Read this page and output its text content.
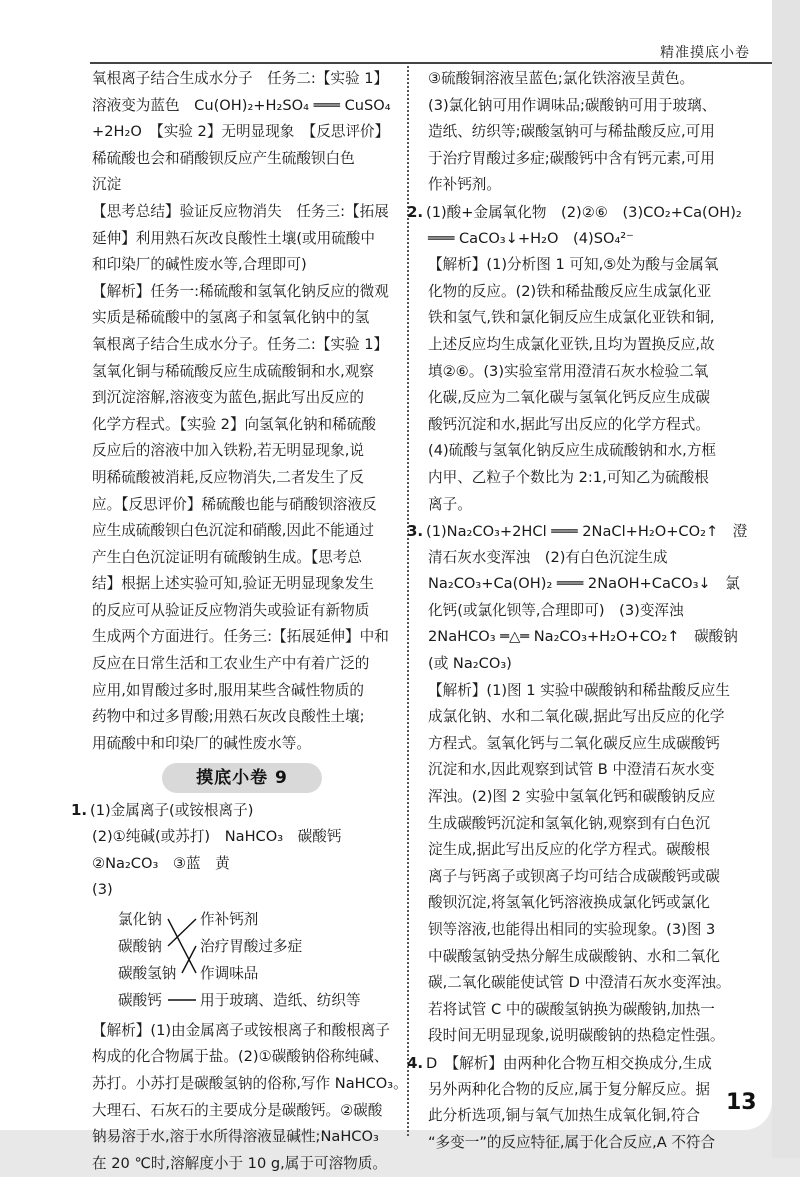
精准摸底小卷
氧根离子结合生成水分子　任务二:【实验 1】
溶液变为蓝色　Cu(OH)₂+H₂SO₄ ═══ CuSO₄
+2H₂O　【实验 2】无明显现象　【反思评价】
稀硫酸也会和硝酸钡反应产生硫酸钡白色
沉淀
【思考总结】验证反应物消失　任务三:【拓展
延伸】利用熟石灰改良酸性土壤(或用硫酸中
和印染厂的碱性废水等,合理即可)
【解析】任务一:稀硫酸和氢氧化钠反应的微观
实质是稀硫酸中的氢离子和氢氧化钠中的氢
氧根离子结合生成水分子。任务二:【实验 1】
氢氧化铜与稀硫酸反应生成硫酸铜和水,观察
到沉淀溶解,溶液变为蓝色,据此写出反应的
化学方程式。【实验 2】向氢氧化钠和稀硫酸
反应后的溶液中加入铁粉,若无明显现象,说
明稀硫酸被消耗,反应物消失,二者发生了反
应。【反思评价】稀硫酸也能与硝酸钡溶液反
应生成硫酸钡白色沉淀和硝酸,因此不能通过
产生白色沉淀证明有硫酸钠生成。【思考总
结】根据上述实验可知,验证无明显现象发生
的反应可从验证反应物消失或验证有新物质
生成两个方面进行。任务三:【拓展延伸】中和
反应在日常生活和工农业生产中有着广泛的
应用,如胃酸过多时,服用某些含碱性物质的
药物中和过多胃酸;用熟石灰改良酸性土壤;
用硫酸中和印染厂的碱性废水等。
摸底小卷 9
1. (1)金属离子(或铵根离子)
(2)①纯碱(或苏打)　NaHCO₃　碳酸钙
②Na₂CO₃　③蓝　黄
(3)
氯化钠
碳酸钠
碳酸氢钠
碳酸钙
作补钙剂
治疗胃酸过多症
作调味品
用于玻璃、造纸、纺织等
【解析】(1)由金属离子或铵根离子和酸根离子
构成的化合物属于盐。(2)①碳酸钠俗称纯碱、
苏打。小苏打是碳酸氢钠的俗称,写作 NaHCO₃。
大理石、石灰石的主要成分是碳酸钙。②碳酸
钠易溶于水,溶于水所得溶液显碱性;NaHCO₃
在 20 ℃时,溶解度小于 10 g,属于可溶物质。
③硫酸铜溶液呈蓝色;氯化铁溶液呈黄色。
(3)氯化钠可用作调味品;碳酸钠可用于玻璃、
造纸、纺织等;碳酸氢钠可与稀盐酸反应,可用
于治疗胃酸过多症;碳酸钙中含有钙元素,可用
作补钙剂。
2. (1)酸+金属氧化物　(2)②⑥　(3)CO₂+Ca(OH)₂
═══ CaCO₃↓+H₂O　(4)SO₄²⁻
【解析】(1)分析图 1 可知,⑤处为酸与金属氧
化物的反应。(2)铁和稀盐酸反应生成氯化亚
铁和氢气,铁和氯化铜反应生成氯化亚铁和铜,
上述反应均生成氯化亚铁,且均为置换反应,故
填②⑥。(3)实验室常用澄清石灰水检验二氧
化碳,反应为二氧化碳与氢氧化钙反应生成碳
酸钙沉淀和水,据此写出反应的化学方程式。
(4)硫酸与氢氧化钠反应生成硫酸钠和水,方框
内甲、乙粒子个数比为 2:1,可知乙为硫酸根
离子。
3. (1)Na₂CO₃+2HCl ═══ 2NaCl+H₂O+CO₂↑　澄
清石灰水变浑浊　(2)有白色沉淀生成
Na₂CO₃+Ca(OH)₂ ═══ 2NaOH+CaCO₃↓　氯
化钙(或氯化钡等,合理即可)　(3)变浑浊
2NaHCO₃ ═△═ Na₂CO₃+H₂O+CO₂↑　碳酸钠
(或 Na₂CO₃)
【解析】(1)图 1 实验中碳酸钠和稀盐酸反应生
成氯化钠、水和二氧化碳,据此写出反应的化学
方程式。氢氧化钙与二氧化碳反应生成碳酸钙
沉淀和水,因此观察到试管 B 中澄清石灰水变
浑浊。(2)图 2 实验中氢氧化钙和碳酸钠反应
生成碳酸钙沉淀和氢氧化钠,观察到有白色沉
淀生成,据此写出反应的化学方程式。碳酸根
离子与钙离子或钡离子均可结合成碳酸钙或碳
酸钡沉淀,将氢氧化钙溶液换成氯化钙或氯化
钡等溶液,也能得出相同的实验现象。(3)图 3
中碳酸氢钠受热分解生成碳酸钠、水和二氧化
碳,二氧化碳能使试管 D 中澄清石灰水变浑浊。
若将试管 C 中的碳酸氢钠换为碳酸钠,加热一
段时间无明显现象,说明碳酸钠的热稳定性强。
4. D　【解析】由两种化合物互相交换成分,生成
另外两种化合物的反应,属于复分解反应。据
此分析选项,铜与氧气加热生成氧化铜,符合
“多变一”的反应特征,属于化合反应,A 不符合
13
